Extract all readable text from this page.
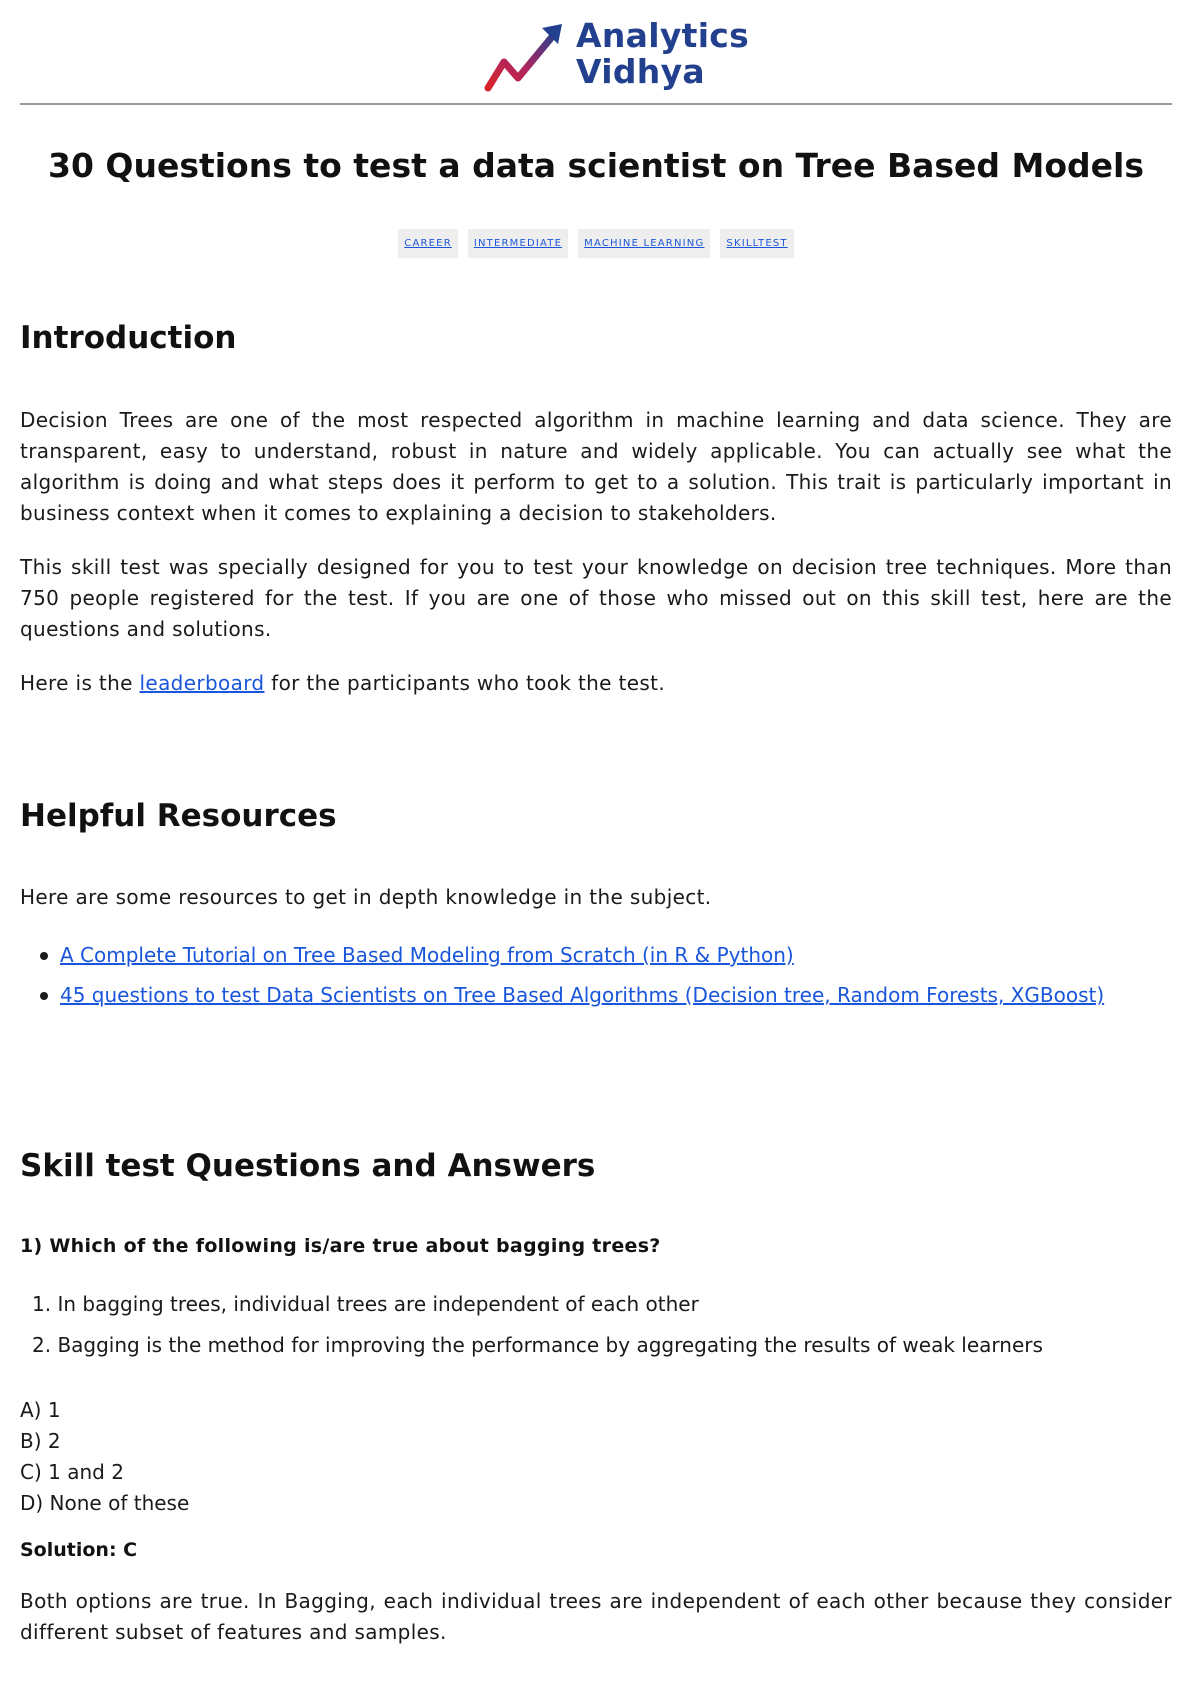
Analytics
Vidhya
30 Questions to test a data scientist on Tree Based Models
CAREER INTERMEDIATE MACHINE LEARNING SKILLTEST
Introduction

Decision Trees are one of the most respected algorithm in machine learning and data science. They are transparent, easy to understand, robust in nature and widely applicable. You can actually see what the algorithm is doing and what steps does it perform to get to a solution. This trait is particularly important in business context when it comes to explaining a decision to stakeholders.

This skill test was specially designed for you to test your knowledge on decision tree techniques. More than 750 people registered for the test. If you are one of those who missed out on this skill test, here are the questions and solutions.

Here is the leaderboard for the participants who took the test.

Helpful Resources

Here are some resources to get in depth knowledge in the subject.

A Complete Tutorial on Tree Based Modeling from Scratch (in R & Python)
45 questions to test Data Scientists on Tree Based Algorithms (Decision tree, Random Forests, XGBoost)
Skill test Questions and Answers

1) Which of the following is/are true about bagging trees?

1. In bagging trees, individual trees are independent of each other
2. Bagging is the method for improving the performance by aggregating the results of weak learners
A) 1
B) 2
C) 1 and 2
D) None of these

Solution: C

Both options are true. In Bagging, each individual trees are independent of each other because they consider different subset of features and samples.
